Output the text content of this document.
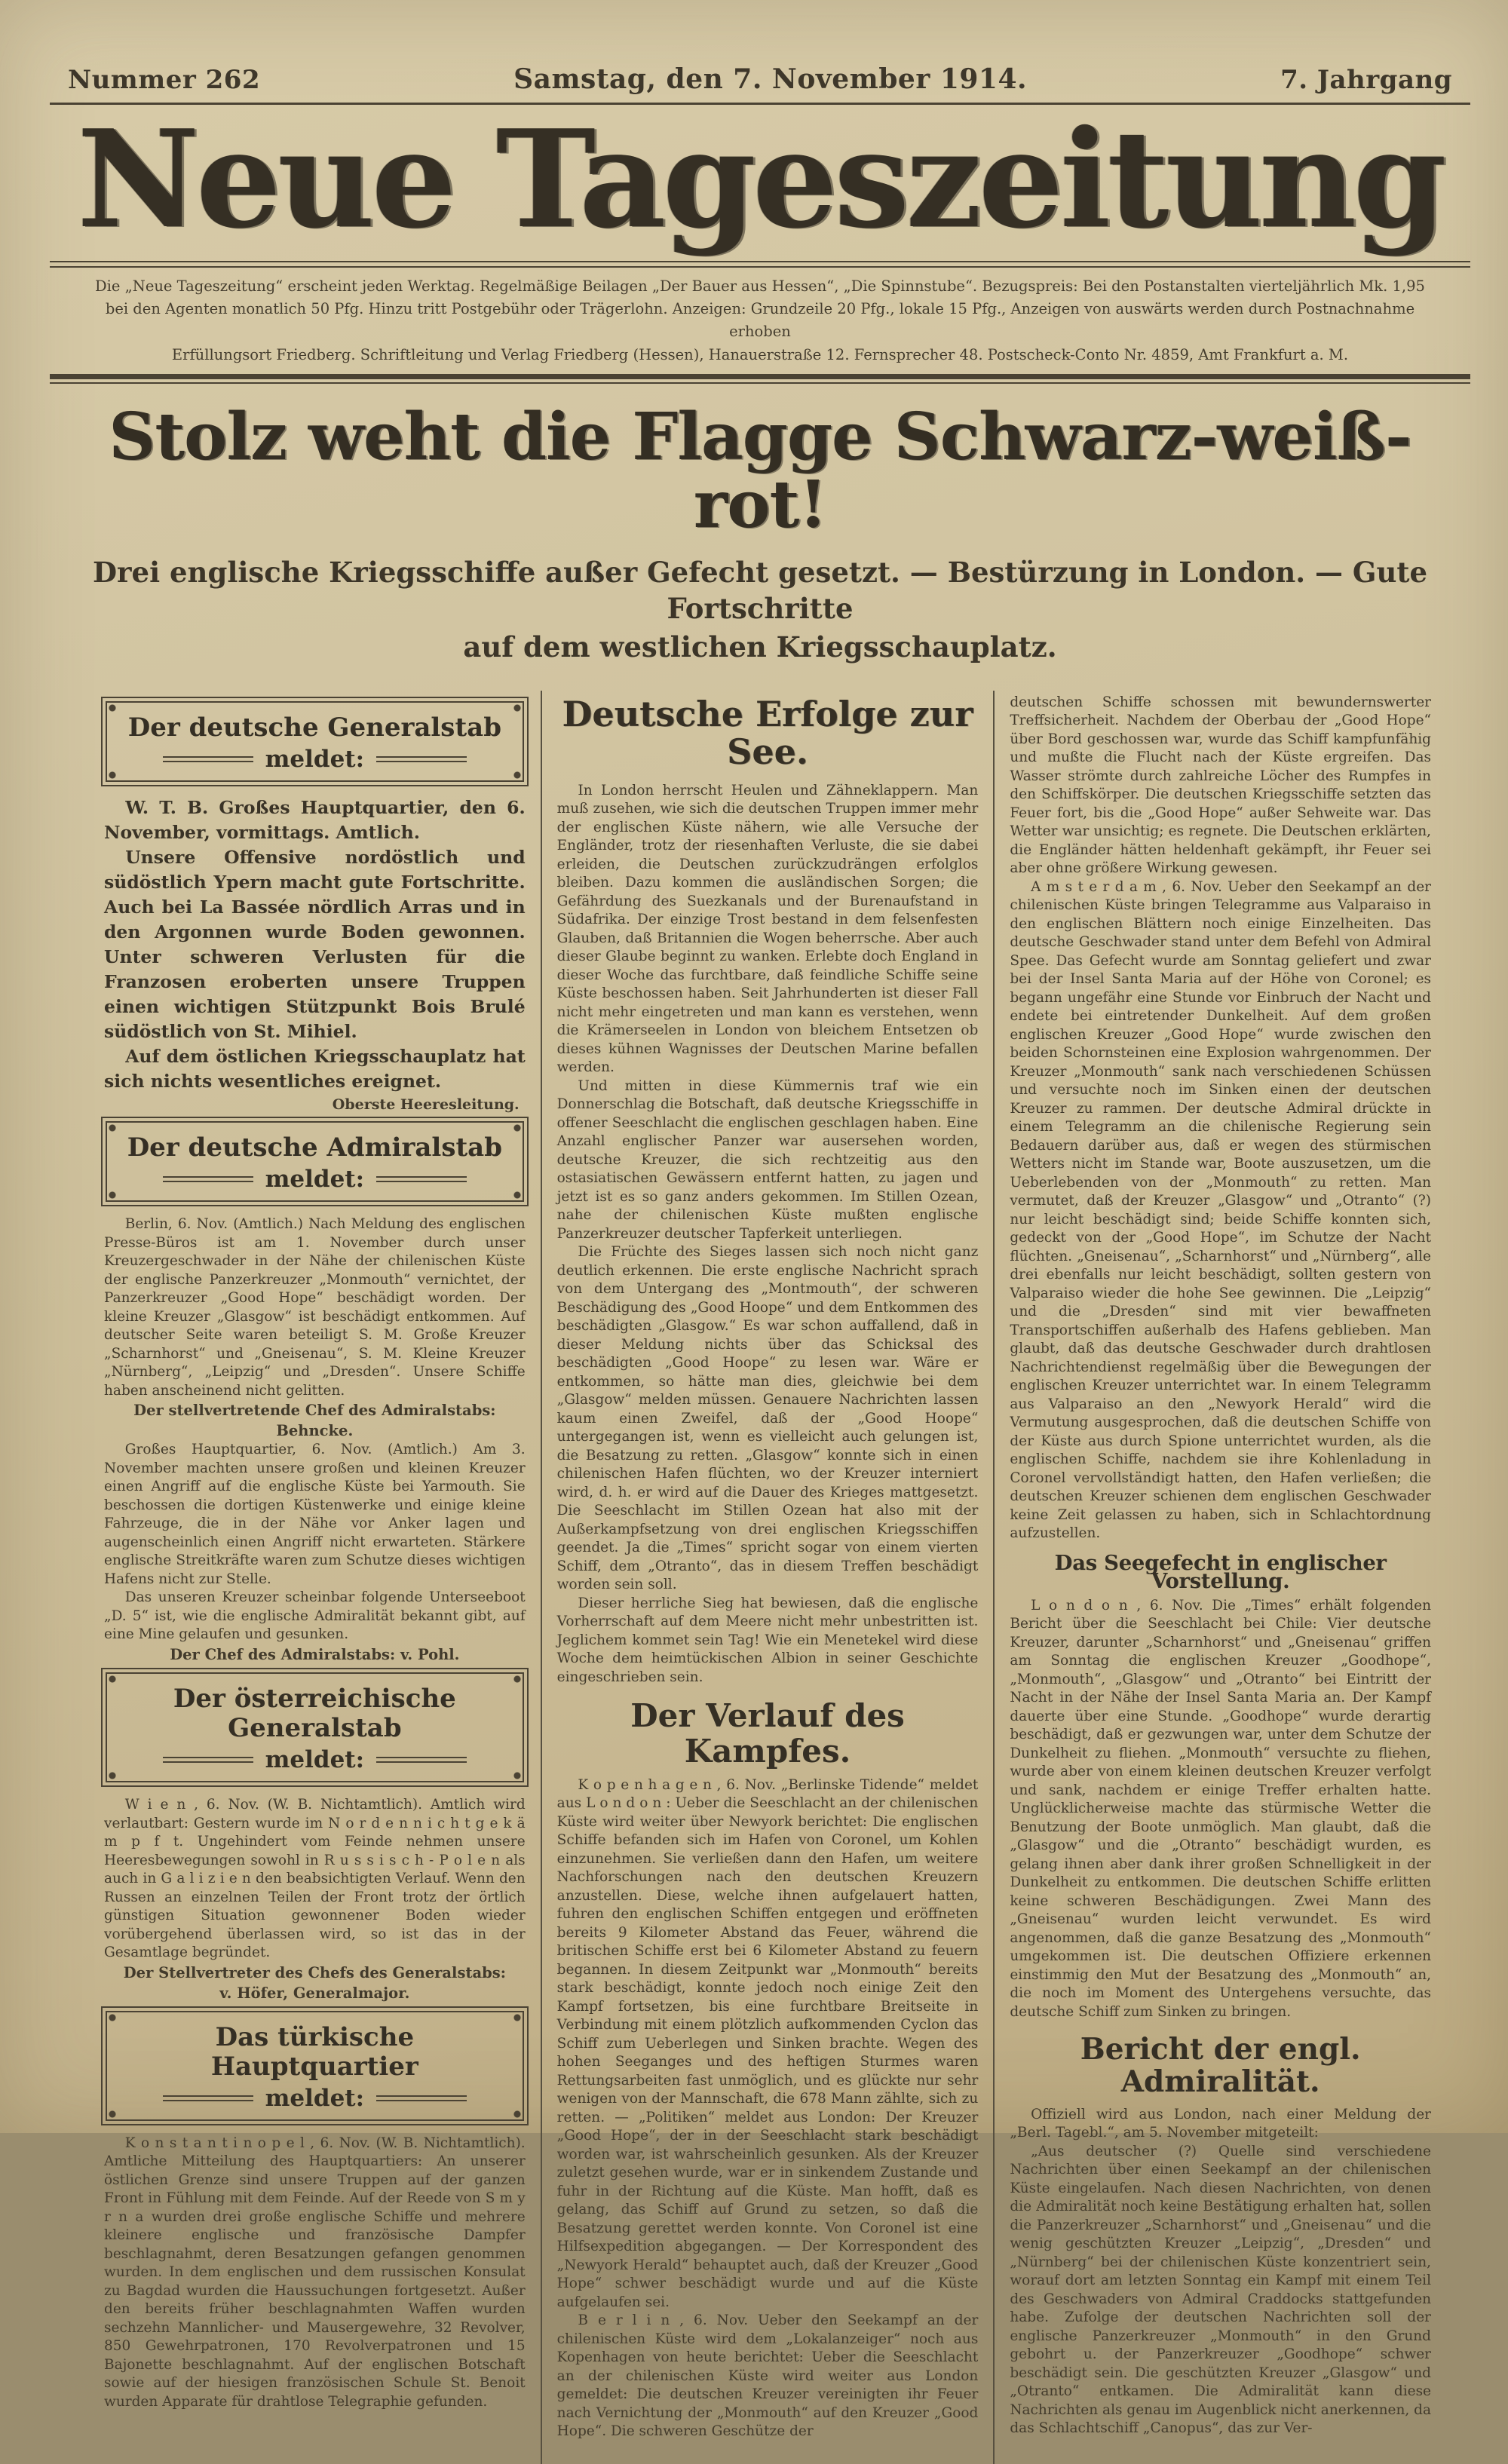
Nummer 262	Samstag, den 7. November 1914.	7. Jahrgang
Neue Tageszeitung
Die „Neue Tageszeitung“ erscheint jeden Werktag. Regelmäßige Beilagen „Der Bauer aus Hessen“, „Die Spinnstube“. Bezugspreis: Bei den Postanstalten vierteljährlich Mk. 1,95
bei den Agenten monatlich 50 Pfg. Hinzu tritt Postgebühr oder Trägerlohn. Anzeigen: Grundzeile 20 Pfg., lokale 15 Pfg., Anzeigen von auswärts werden durch Postnachnahme erhoben
Erfüllungsort Friedberg. Schriftleitung und Verlag Friedberg (Hessen), Hanauerstraße 12. Fernsprecher 48. Postscheck-Conto Nr. 4859, Amt Frankfurt a. M.
Stolz weht die Flagge Schwarz-weiß-rot!
Drei englische Kriegsschiffe außer Gefecht gesetzt. — Bestürzung in London. — Gute Fortschritte
auf dem westlichen Kriegsschauplatz.
Der deutsche Generalstab
meldet:
W. T. B. Großes Hauptquartier, den 6. November, vormittags. Amtlich.
Unsere Offensive nordöstlich und südöstlich Ypern macht gute Fortschritte. Auch bei La Bassée nördlich Arras und in den Argonnen wurde Boden gewonnen. Unter schweren Verlusten für die Franzosen eroberten unsere Truppen einen wichtigen Stützpunkt Bois Brulé südöstlich von St. Mihiel.
Auf dem östlichen Kriegsschauplatz hat sich nichts wesentliches ereignet.
Oberste Heeresleitung.
Der deutsche Admiralstab
meldet:
Berlin, 6. Nov. (Amtlich.) Nach Meldung des englischen Presse-Büros ist am 1. November durch unser Kreuzergeschwader in der Nähe der chilenischen Küste der englische Panzerkreuzer „Monmouth“ vernichtet, der Panzerkreuzer „Good Hope“ beschädigt worden. Der kleine Kreuzer „Glasgow“ ist beschädigt entkommen. Auf deutscher Seite waren beteiligt S. M. Große Kreuzer „Scharnhorst“ und „Gneisenau“, S. M. Kleine Kreuzer „Nürnberg“, „Leipzig“ und „Dresden“. Unsere Schiffe haben anscheinend nicht gelitten.
Der stellvertretende Chef des Admiralstabs:
Behncke.
Großes Hauptquartier, 6. Nov. (Amtlich.) Am 3. November machten unsere großen und kleinen Kreuzer einen Angriff auf die englische Küste bei Yarmouth. Sie beschossen die dortigen Küstenwerke und einige kleine Fahrzeuge, die in der Nähe vor Anker lagen und augenscheinlich einen Angriff nicht erwarteten. Stärkere englische Streitkräfte waren zum Schutze dieses wichtigen Hafens nicht zur Stelle.
Das unseren Kreuzer scheinbar folgende Unterseeboot „D. 5“ ist, wie die englische Admiralität bekannt gibt, auf eine Mine gelaufen und gesunken.
Der Chef des Admiralstabs: v. Pohl.
Der österreichische Generalstab
meldet:
W i e n , 6. Nov. (W. B. Nichtamtlich). Amtlich wird verlautbart: Gestern wurde im N o r d e n n i c h t g e k ä m p f t. Ungehindert vom Feinde nehmen unsere Heeresbewegungen sowohl in R u s s i s c h - P o l e n als auch in G a l i z i e n den beabsichtigten Verlauf. Wenn den Russen an einzelnen Teilen der Front trotz der örtlich günstigen Situation gewonnener Boden wieder vorübergehend überlassen wird, so ist das in der Gesamtlage begründet.
Der Stellvertreter des Chefs des Generalstabs:
v. Höfer, Generalmajor.
Das türkische Hauptquartier
meldet:
K o n s t a n t i n o p e l , 6. Nov. (W. B. Nichtamtlich). Amtliche Mitteilung des Hauptquartiers: An unserer östlichen Grenze sind unsere Truppen auf der ganzen Front in Fühlung mit dem Feinde. Auf der Reede von S m y r n a wurden drei große englische Schiffe und mehrere kleinere englische und französische Dampfer beschlagnahmt, deren Besatzungen gefangen genommen wurden. In dem englischen und dem russischen Konsulat zu Bagdad wurden die Haussuchungen fortgesetzt. Außer den bereits früher beschlagnahmten Waffen wurden sechzehn Mannlicher- und Mausergewehre, 32 Revolver, 850 Gewehrpatronen, 170 Revolverpatronen und 15 Bajonette beschlagnahmt. Auf der englischen Botschaft sowie auf der hiesigen französischen Schule St. Benoit wurden Apparate für drahtlose Telegraphie gefunden.
Deutsche Erfolge zur See.
In London herrscht Heulen und Zähneklappern. Man muß zusehen, wie sich die deutschen Truppen immer mehr der englischen Küste nähern, wie alle Versuche der Engländer, trotz der riesenhaften Verluste, die sie dabei erleiden, die Deutschen zurückzudrängen erfolglos bleiben. Dazu kommen die ausländischen Sorgen; die Gefährdung des Suezkanals und der Burenaufstand in Südafrika. Der einzige Trost bestand in dem felsenfesten Glauben, daß Britannien die Wogen beherrsche. Aber auch dieser Glaube beginnt zu wanken. Erlebte doch England in dieser Woche das furchtbare, daß feindliche Schiffe seine Küste beschossen haben. Seit Jahrhunderten ist dieser Fall nicht mehr eingetreten und man kann es verstehen, wenn die Krämerseelen in London von bleichem Entsetzen ob dieses kühnen Wagnisses der Deutschen Marine befallen werden.
Und mitten in diese Kümmernis traf wie ein Donnerschlag die Botschaft, daß deutsche Kriegsschiffe in offener Seeschlacht die englischen geschlagen haben. Eine Anzahl englischer Panzer war ausersehen worden, deutsche Kreuzer, die sich rechtzeitig aus den ostasiatischen Gewässern entfernt hatten, zu jagen und jetzt ist es so ganz anders gekommen. Im Stillen Ozean, nahe der chilenischen Küste mußten englische Panzerkreuzer deutscher Tapferkeit unterliegen.
Die Früchte des Sieges lassen sich noch nicht ganz deutlich erkennen. Die erste englische Nachricht sprach von dem Untergang des „Montmouth“, der schweren Beschädigung des „Good Hoope“ und dem Entkommen des beschädigten „Glasgow.“ Es war schon auffallend, daß in dieser Meldung nichts über das Schicksal des beschädigten „Good Hoope“ zu lesen war. Wäre er entkommen, so hätte man dies, gleichwie bei dem „Glasgow“ melden müssen. Genauere Nachrichten lassen kaum einen Zweifel, daß der „Good Hoope“ untergegangen ist, wenn es vielleicht auch gelungen ist, die Besatzung zu retten. „Glasgow“ konnte sich in einen chilenischen Hafen flüchten, wo der Kreuzer interniert wird, d. h. er wird auf die Dauer des Krieges mattgesetzt. Die Seeschlacht im Stillen Ozean hat also mit der Außerkampfsetzung von drei englischen Kriegsschiffen geendet. Ja die „Times“ spricht sogar von einem vierten Schiff, dem „Otranto“, das in diesem Treffen beschädigt worden sein soll.
Dieser herrliche Sieg hat bewiesen, daß die englische Vorherrschaft auf dem Meere nicht mehr unbestritten ist. Jeglichem kommet sein Tag! Wie ein Menetekel wird diese Woche dem heimtückischen Albion in seiner Geschichte eingeschrieben sein.
Der Verlauf des Kampfes.
K o p e n h a g e n , 6. Nov. „Berlinske Tidende“ meldet aus L o n d o n : Ueber die Seeschlacht an der chilenischen Küste wird weiter über Newyork berichtet: Die englischen Schiffe befanden sich im Hafen von Coronel, um Kohlen einzunehmen. Sie verließen dann den Hafen, um weitere Nachforschungen nach den deutschen Kreuzern anzustellen. Diese, welche ihnen aufgelauert hatten, fuhren den englischen Schiffen entgegen und eröffneten bereits 9 Kilometer Abstand das Feuer, während die britischen Schiffe erst bei 6 Kilometer Abstand zu feuern begannen. In diesem Zeitpunkt war „Monmouth“ bereits stark beschädigt, konnte jedoch noch einige Zeit den Kampf fortsetzen, bis eine furchtbare Breitseite in Verbindung mit einem plötzlich aufkommenden Cyclon das Schiff zum Ueberlegen und Sinken brachte. Wegen des hohen Seeganges und des heftigen Sturmes waren Rettungsarbeiten fast unmöglich, und es glückte nur sehr wenigen von der Mannschaft, die 678 Mann zählte, sich zu retten. — „Politiken“ meldet aus London: Der Kreuzer „Good Hope“, der in der Seeschlacht stark beschädigt worden war, ist wahrscheinlich gesunken. Als der Kreuzer zuletzt gesehen wurde, war er in sinkendem Zustande und fuhr in der Richtung auf die Küste. Man hofft, daß es gelang, das Schiff auf Grund zu setzen, so daß die Besatzung gerettet werden konnte. Von Coronel ist eine Hilfsexpedition abgegangen. — Der Korrespondent des „Newyork Herald“ behauptet auch, daß der Kreuzer „Good Hope“ schwer beschädigt wurde und auf die Küste aufgelaufen sei.
B e r l i n , 6. Nov. Ueber den Seekampf an der chilenischen Küste wird dem „Lokalanzeiger“ noch aus Kopenhagen von heute berichtet: Ueber die Seeschlacht an der chilenischen Küste wird weiter aus London gemeldet: Die deutschen Kreuzer vereinigten ihr Feuer nach Vernichtung der „Monmouth“ auf den Kreuzer „Good Hope“. Die schweren Geschütze der
deutschen Schiffe schossen mit bewundernswerter Treffsicherheit. Nachdem der Oberbau der „Good Hope“ über Bord geschossen war, wurde das Schiff kampfunfähig und mußte die Flucht nach der Küste ergreifen. Das Wasser strömte durch zahlreiche Löcher des Rumpfes in den Schiffskörper. Die deutschen Kriegsschiffe setzten das Feuer fort, bis die „Good Hope“ außer Sehweite war. Das Wetter war unsichtig; es regnete. Die Deutschen erklärten, die Engländer hätten heldenhaft gekämpft, ihr Feuer sei aber ohne größere Wirkung gewesen.
A m s t e r d a m , 6. Nov. Ueber den Seekampf an der chilenischen Küste bringen Telegramme aus Valparaiso in den englischen Blättern noch einige Einzelheiten. Das deutsche Geschwader stand unter dem Befehl von Admiral Spee. Das Gefecht wurde am Sonntag geliefert und zwar bei der Insel Santa Maria auf der Höhe von Coronel; es begann ungefähr eine Stunde vor Einbruch der Nacht und endete bei eintretender Dunkelheit. Auf dem großen englischen Kreuzer „Good Hope“ wurde zwischen den beiden Schornsteinen eine Explosion wahrgenommen. Der Kreuzer „Monmouth“ sank nach verschiedenen Schüssen und versuchte noch im Sinken einen der deutschen Kreuzer zu rammen. Der deutsche Admiral drückte in einem Telegramm an die chilenische Regierung sein Bedauern darüber aus, daß er wegen des stürmischen Wetters nicht im Stande war, Boote auszusetzen, um die Ueberlebenden von der „Monmouth“ zu retten. Man vermutet, daß der Kreuzer „Glasgow“ und „Otranto“ (?) nur leicht beschädigt sind; beide Schiffe konnten sich, gedeckt von der „Good Hope“, im Schutze der Nacht flüchten. „Gneisenau“, „Scharnhorst“ und „Nürnberg“, alle drei ebenfalls nur leicht beschädigt, sollten gestern von Valparaiso wieder die hohe See gewinnen. Die „Leipzig“ und die „Dresden“ sind mit vier bewaffneten Transportschiffen außerhalb des Hafens geblieben. Man glaubt, daß das deutsche Geschwader durch drahtlosen Nachrichtendienst regelmäßig über die Bewegungen der englischen Kreuzer unterrichtet war. In einem Telegramm aus Valparaiso an den „Newyork Herald“ wird die Vermutung ausgesprochen, daß die deutschen Schiffe von der Küste aus durch Spione unterrichtet wurden, als die englischen Schiffe, nachdem sie ihre Kohlenladung in Coronel vervollständigt hatten, den Hafen verließen; die deutschen Kreuzer schienen dem englischen Geschwader keine Zeit gelassen zu haben, sich in Schlachtordnung aufzustellen.
Das Seegefecht in englischer Vorstellung.
L o n d o n , 6. Nov. Die „Times“ erhält folgenden Bericht über die Seeschlacht bei Chile: Vier deutsche Kreuzer, darunter „Scharnhorst“ und „Gneisenau“ griffen am Sonntag die englischen Kreuzer „Goodhope“, „Monmouth“, „Glasgow“ und „Otranto“ bei Eintritt der Nacht in der Nähe der Insel Santa Maria an. Der Kampf dauerte über eine Stunde. „Goodhope“ wurde derartig beschädigt, daß er gezwungen war, unter dem Schutze der Dunkelheit zu fliehen. „Monmouth“ versuchte zu fliehen, wurde aber von einem kleinen deutschen Kreuzer verfolgt und sank, nachdem er einige Treffer erhalten hatte. Unglücklicherweise machte das stürmische Wetter die Benutzung der Boote unmöglich. Man glaubt, daß die „Glasgow“ und die „Otranto“ beschädigt wurden, es gelang ihnen aber dank ihrer großen Schnelligkeit in der Dunkelheit zu entkommen. Die deutschen Schiffe erlitten keine schweren Beschädigungen. Zwei Mann des „Gneisenau“ wurden leicht verwundet. Es wird angenommen, daß die ganze Besatzung des „Monmouth“ umgekommen ist. Die deutschen Offiziere erkennen einstimmig den Mut der Besatzung des „Monmouth“ an, die noch im Moment des Untergehens versuchte, das deutsche Schiff zum Sinken zu bringen.
Bericht der engl. Admiralität.
Offiziell wird aus London, nach einer Meldung der „Berl. Tagebl.“, am 5. November mitgeteilt:
„Aus deutscher (?) Quelle sind verschiedene Nachrichten über einen Seekampf an der chilenischen Küste eingelaufen. Nach diesen Nachrichten, von denen die Admiralität noch keine Bestätigung erhalten hat, sollen die Panzerkreuzer „Scharnhorst“ und „Gneisenau“ und die wenig geschützten Kreuzer „Leipzig“, „Dresden“ und „Nürnberg“ bei der chilenischen Küste konzentriert sein, worauf dort am letzten Sonntag ein Kampf mit einem Teil des Geschwaders von Admiral Craddocks stattgefunden habe. Zufolge der deutschen Nachrichten soll der englische Panzerkreuzer „Monmouth“ in den Grund gebohrt u. der Panzerkreuzer „Goodhope“ schwer beschädigt sein. Die geschützten Kreuzer „Glasgow“ und „Otranto“ entkamen. Die Admiralität kann diese Nachrichten als genau im Augenblick nicht anerkennen, da das Schlachtschiff „Canopus“, das zur Ver-
